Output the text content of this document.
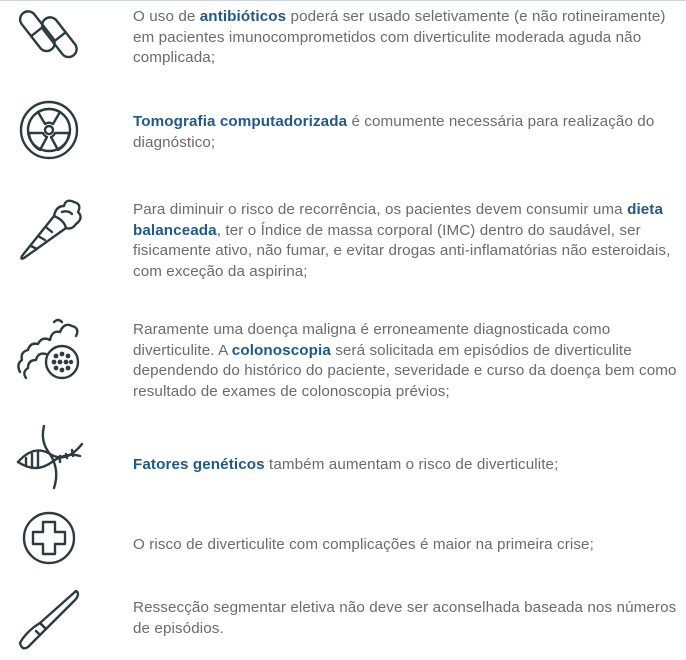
O uso de antibióticos poderá ser usado seletivamente (e não rotineiramente) em pacientes imunocomprometidos com diverticulite moderada aguda não complicada;
Tomografia computadorizada é comumente necessária para realização do diagnóstico;
Para diminuir o risco de recorrência, os pacientes devem consumir uma dieta balanceada, ter o Índice de massa corporal (IMC) dentro do saudável, ser fisicamente ativo, não fumar, e evitar drogas anti-inflamatórias não esteroidais, com exceção da aspirina;
Raramente uma doença maligna é erroneamente diagnosticada como diverticulite. A colonoscopia será solicitada em episódios de diverticulite dependendo do histórico do paciente, severidade e curso da doença bem como resultado de exames de colonoscopia prévios;
Fatores genéticos também aumentam o risco de diverticulite;
O risco de diverticulite com complicações é maior na primeira crise;
Ressecção segmentar eletiva não deve ser aconselhada baseada nos números de episódios.
